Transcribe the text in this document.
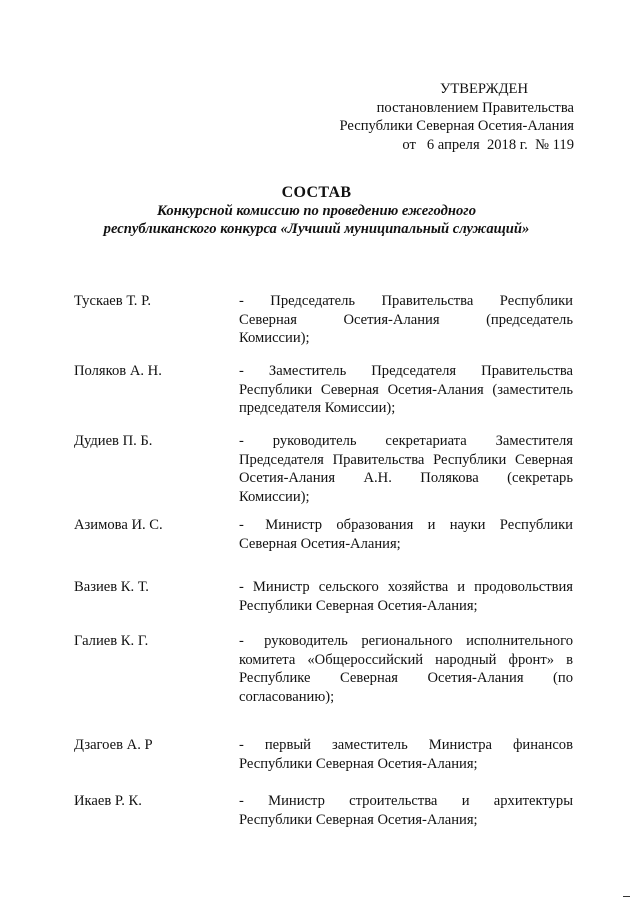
УТВЕРЖДЕН
постановлением Правительства
Республики Северная Осетия-Алания
от   6 апреля  2018 г.  № 119
СОСТАВ
Конкурсной комиссию по проведению ежегодного
республиканского конкурса «Лучший муниципальный служащий»
Тускаев Т. Р.	-    Председатель    Правительства    Республики
Северная       Осетия-Алания       (председатель
Комиссии);
Поляков А. Н.	-   Заместитель   Председателя   Правительства
Республики Северная Осетия-Алания (заместитель
председателя Комиссии);
Дудиев П. Б.	-   руководитель   секретариата   Заместителя
Председателя Правительства Республики Северная
Осетия-Алания   А.Н.   Полякова   (секретарь
Комиссии);
Азимова И. С.	-   Министр  образования  и  науки  Республики
Северная Осетия-Алания;
Вазиев К. Т.	- Министр сельского хозяйства и продовольствия
Республики Северная Осетия-Алания;
Галиев К. Г.	-   руководитель  регионального  исполнительного
комитета  «Общероссийский  народный  фронт»  в
Республике      Северная      Осетия-Алания      (по
согласованию);
Дзагоев А. Р	-   первый   заместитель   Министра   финансов
Республики Северная Осетия-Алания;
Икаев Р. К.	-    Министр    строительства    и    архитектуры
Республики Северная Осетия-Алания;
